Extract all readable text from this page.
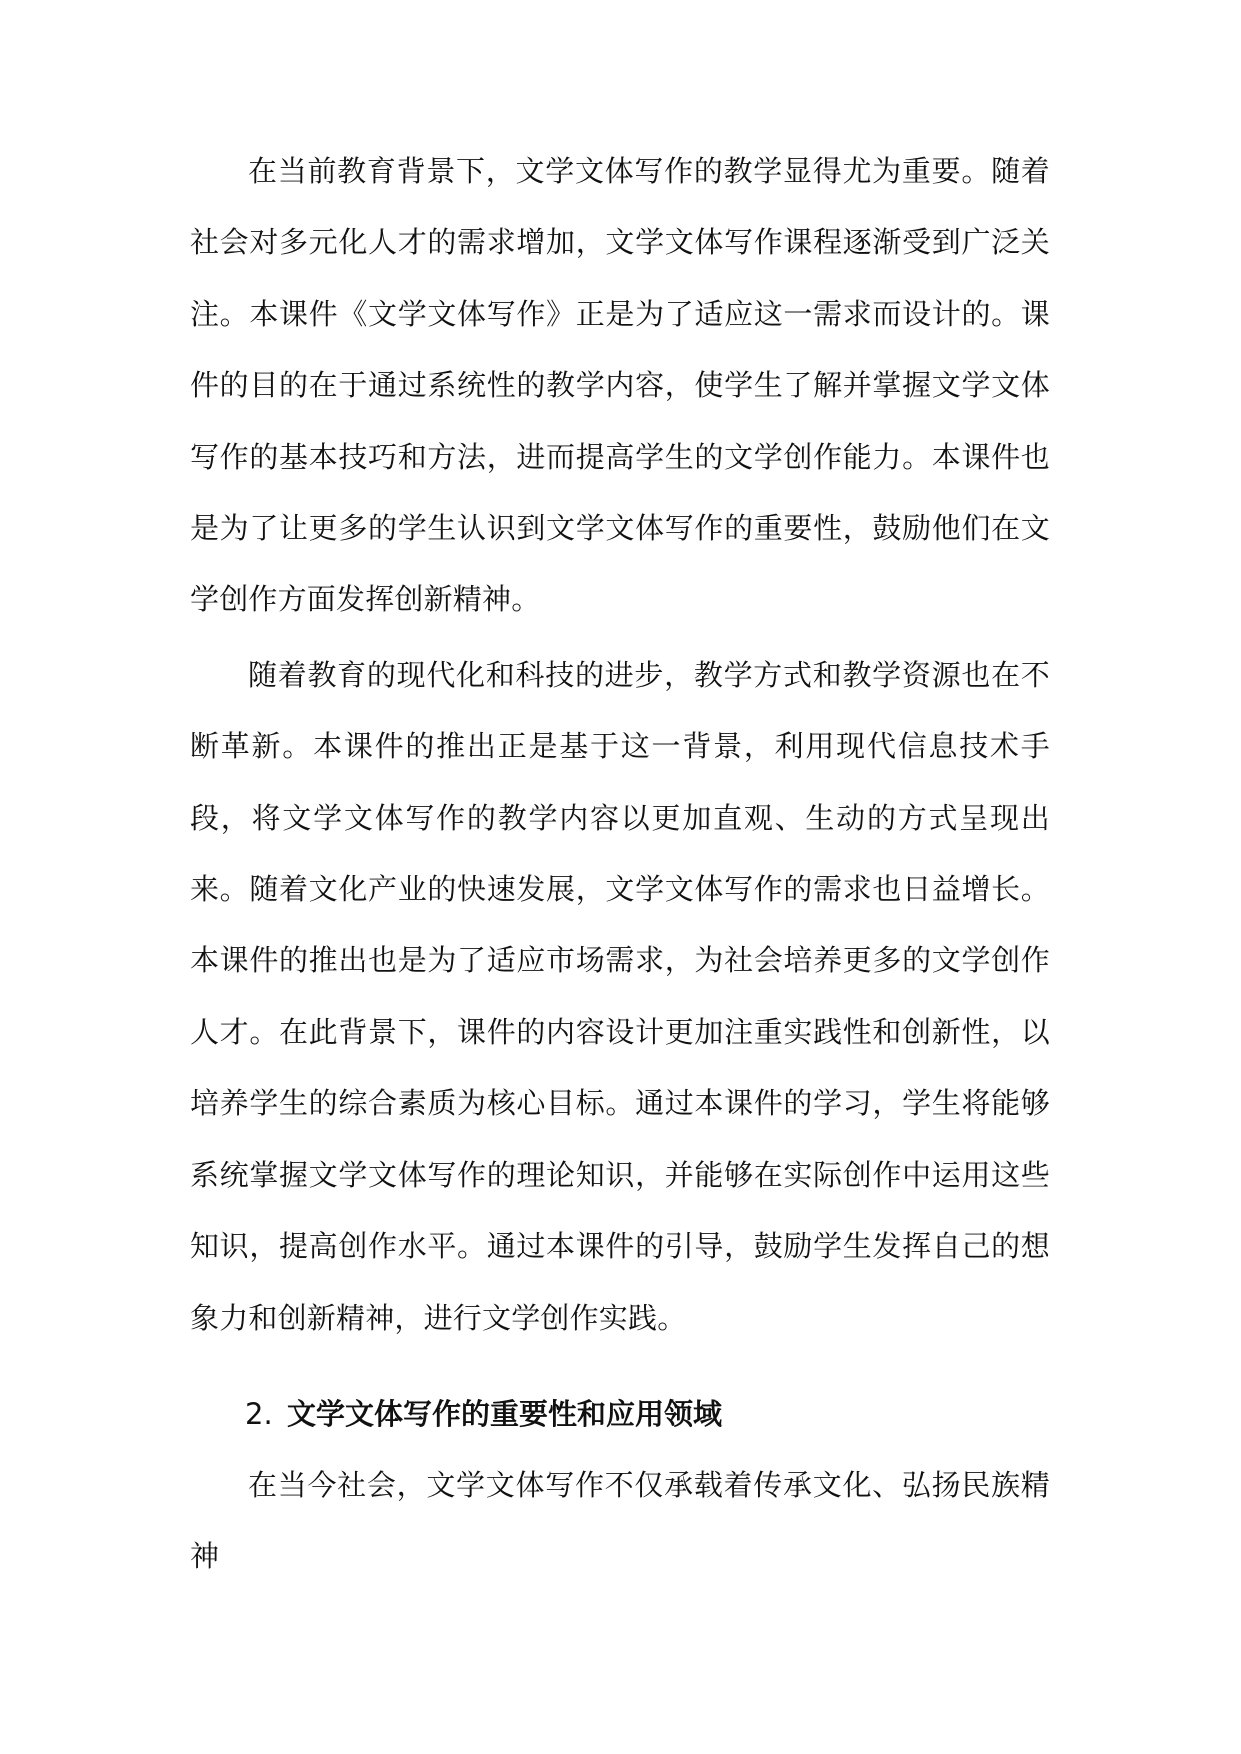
在当前教育背景下，文学文体写作的教学显得尤为重要。随着社会对多元化人才的需求增加，文学文体写作课程逐渐受到广泛关注。本课件《文学文体写作》正是为了适应这一需求而设计的。课件的目的在于通过系统性的教学内容，使学生了解并掌握文学文体写作的基本技巧和方法，进而提高学生的文学创作能力。本课件也是为了让更多的学生认识到文学文体写作的重要性，鼓励他们在文学创作方面发挥创新精神。

随着教育的现代化和科技的进步，教学方式和教学资源也在不断革新。本课件的推出正是基于这一背景，利用现代信息技术手段，将文学文体写作的教学内容以更加直观、生动的方式呈现出来。随着文化产业的快速发展，文学文体写作的需求也日益增长。本课件的推出也是为了适应市场需求，为社会培养更多的文学创作人才。在此背景下，课件的内容设计更加注重实践性和创新性，以培养学生的综合素质为核心目标。通过本课件的学习，学生将能够系统掌握文学文体写作的理论知识，并能够在实际创作中运用这些知识，提高创作水平。通过本课件的引导，鼓励学生发挥自己的想象力和创新精神，进行文学创作实践。

2. 文学文体写作的重要性和应用领域

在当今社会，文学文体写作不仅承载着传承文化、弘扬民族精神
